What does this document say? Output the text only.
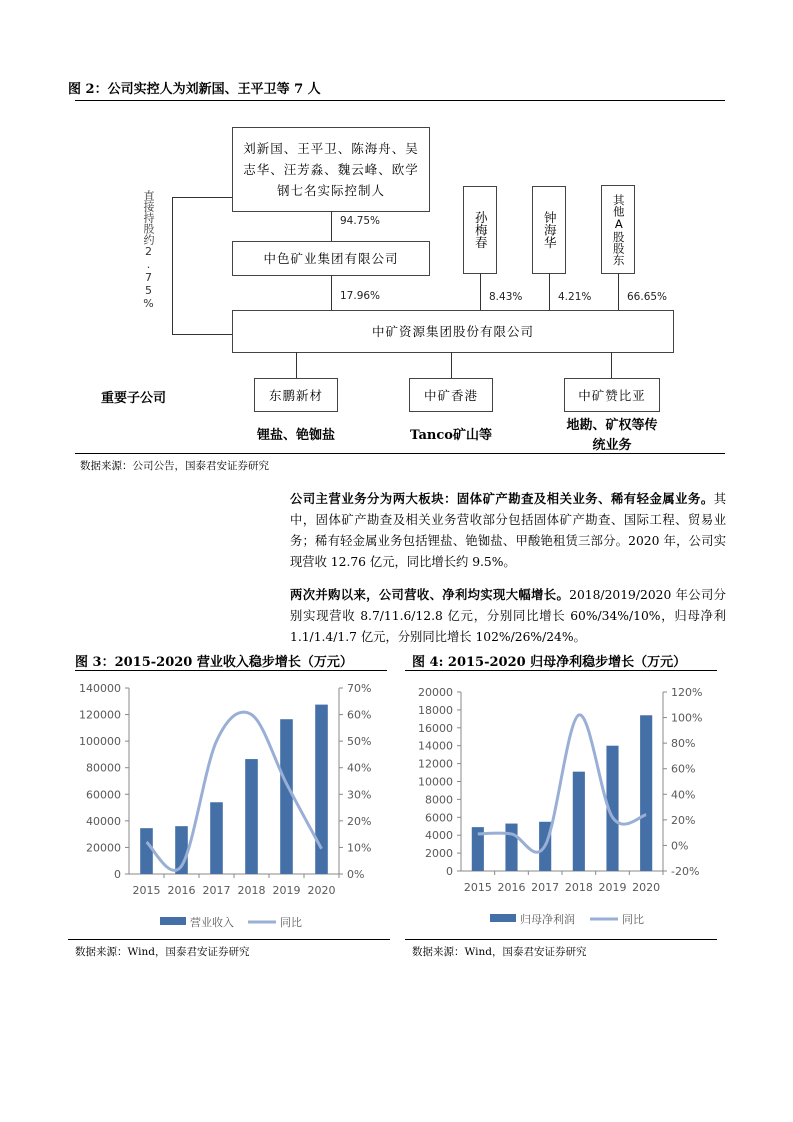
图 2：公司实控人为刘新国、王平卫等 7 人
刘新国、王平卫、陈海舟、吴志华、汪芳淼、魏云峰、欧学钢七名实际控制人
94.75%
中色矿业集团有限公司
17.96%
直接持股约2.75%	孙梅春	钟海华	其他A股股东
8.43%	4.21%	66.65%
中矿资源集团股份有限公司
重要子公司	东鹏新材	中矿香港	中矿赞比亚
锂盐、铯铷盐	Tanco矿山等
地勘、矿权等传统业务
数据来源：公司公告，国泰君安证券研究
公司主营业务分为两大板块：固体矿产勘查及相关业务、稀有轻金属业务。其中，固体矿产勘查及相关业务营收部分包括固体矿产勘查、国际工程、贸易业务；稀有轻金属业务包括锂盐、铯铷盐、甲酸铯租赁三部分。2020 年，公司实现营收 12.76 亿元，同比增长约 9.5%。
两次并购以来，公司营收、净利均实现大幅增长。2018/2019/2020 年公司分别实现营收 8.7/11.6/12.8 亿元，分别同比增长 60%/34%/10%，归母净利 1.1/1.4/1.7 亿元，分别同比增长 102%/26%/24%。
图 3：2015-2020 营业收入稳步增长（万元）	图 4: 2015-2020 归母净利稳步增长（万元）
0
20000
40000
60000
80000
100000
120000
140000
0%
10%
20%
30%
40%
50%
60%
70%
2015 2016 2017 2018 2019 2020
营业收入	同比
0
2000
4000
6000
8000
10000
12000
14000
16000
18000
20000
-20%
0%
20%
40%
60%
80%
100%
120%
2015 2016 2017 2018 2019 2020
归母净利润	同比
数据来源：Wind，国泰君安证券研究	数据来源：Wind，国泰君安证券研究
